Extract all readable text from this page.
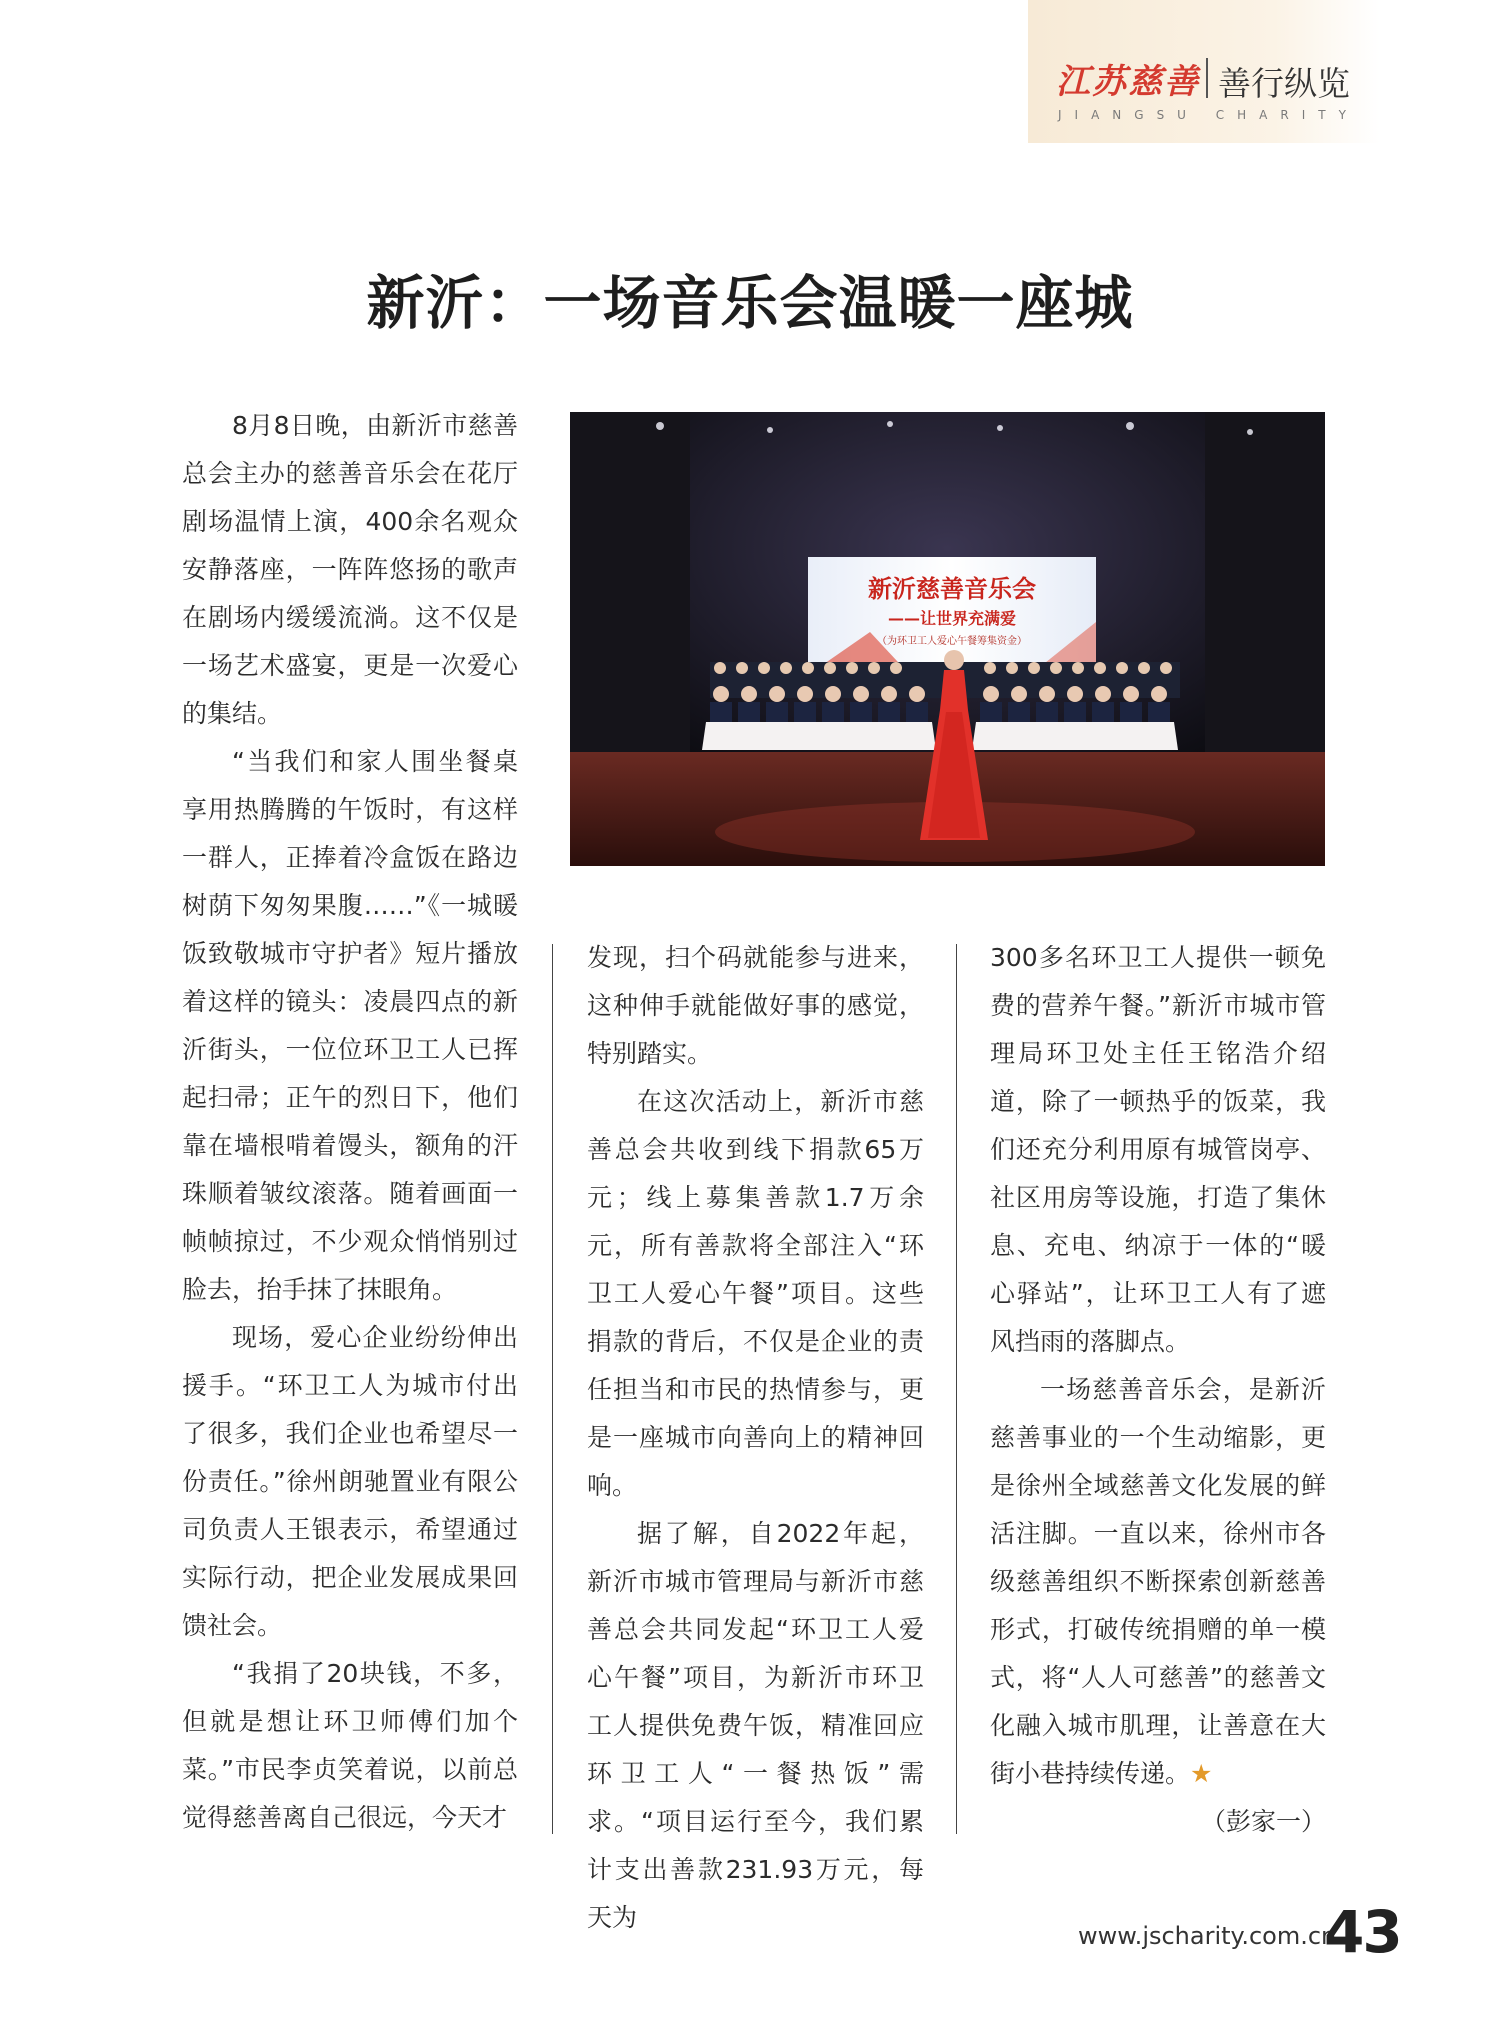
江苏慈善 善行纵览
JIANGSU CHARITY
新沂：一场音乐会温暖一座城
新沂慈善音乐会
——让世界充满爱
（为环卫工人爱心午餐筹集资金）

8月8日晚，由新沂市慈善总会主办的慈善音乐会在花厅剧场温情上演，400余名观众安静落座，一阵阵悠扬的歌声在剧场内缓缓流淌。这不仅是一场艺术盛宴，更是一次爱心的集结。

“当我们和家人围坐餐桌享用热腾腾的午饭时，有这样一群人，正捧着冷盒饭在路边树荫下匆匆果腹……”《一城暖饭致敬城市守护者》短片播放着这样的镜头：凌晨四点的新沂街头，一位位环卫工人已挥起扫帚；正午的烈日下，他们靠在墙根啃着馒头，额角的汗珠顺着皱纹滚落。随着画面一帧帧掠过，不少观众悄悄别过脸去，抬手抹了抹眼角。

现场，爱心企业纷纷伸出援手。“环卫工人为城市付出了很多，我们企业也希望尽一份责任。”徐州朗驰置业有限公司负责人王银表示，希望通过实际行动，把企业发展成果回馈社会。

“我捐了20块钱，不多，但就是想让环卫师傅们加个菜。”市民李贞笑着说，以前总觉得慈善离自己很远，今天才

发现，扫个码就能参与进来，这种伸手就能做好事的感觉，特别踏实。

在这次活动上，新沂市慈善总会共收到线下捐款65万元；线上募集善款1.7万余元，所有善款将全部注入“环卫工人爱心午餐”项目。这些捐款的背后，不仅是企业的责任担当和市民的热情参与，更是一座城市向善向上的精神回响。

据了解，自2022年起，新沂市城市管理局与新沂市慈善总会共同发起“环卫工人爱心午餐”项目，为新沂市环卫工人提供免费午饭，精准回应环卫工人“一餐热饭”需求。“项目运行至今，我们累计支出善款231.93万元，每天为

300多名环卫工人提供一顿免费的营养午餐。”新沂市城市管理局环卫处主任王铭浩介绍道，除了一顿热乎的饭菜，我们还充分利用原有城管岗亭、社区用房等设施，打造了集休息、充电、纳凉于一体的“暖心驿站”，让环卫工人有了遮风挡雨的落脚点。

一场慈善音乐会，是新沂慈善事业的一个生动缩影，更是徐州全域慈善文化发展的鲜活注脚。一直以来，徐州市各级慈善组织不断探索创新慈善形式，打破传统捐赠的单一模式，将“人人可慈善”的慈善文化融入城市肌理，让善意在大街小巷持续传递。★

（彭家一）

www.jscharity.com.cn
43
